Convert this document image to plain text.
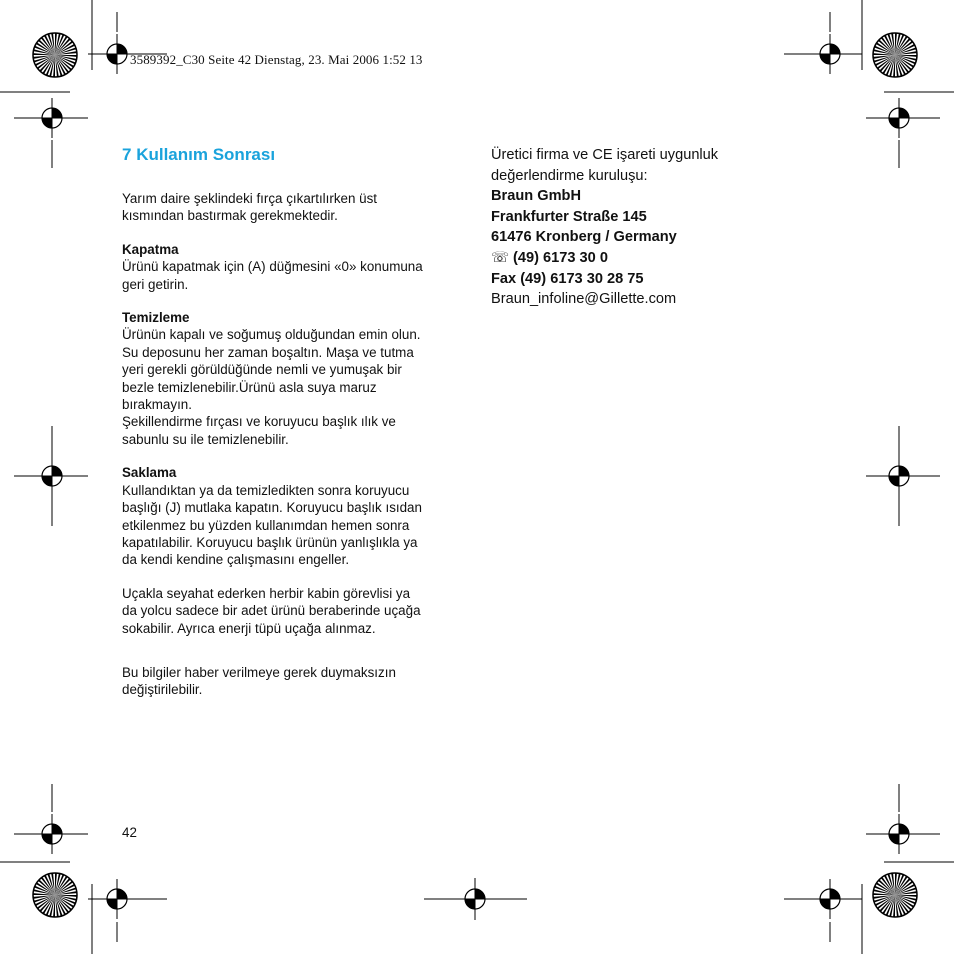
3589392_C30 Seite 42 Dienstag, 23. Mai 2006 1:52 13
7 Kullanım Sonrası

Yarım daire şeklindeki fırça çıkartılırken üst

kısmından bastırmak gerekmektedir.

Kapatma

Ürünü kapatmak için (A) düğmesini «0» konumuna

geri getirin.

Temizleme

Ürünün kapalı ve soğumuş olduğundan emin olun.

Su deposunu her zaman boşaltın. Maşa ve tutma

yeri gerekli görüldüğünde nemli ve yumuşak bir

bezle temizlenebilir.Ürünü asla suya maruz

bırakmayın.

Şekillendirme fırçası ve koruyucu başlık ılık ve

sabunlu su ile temizlenebilir.

Saklama

Kullandıktan ya da temizledikten sonra koruyucu

başlığı (J) mutlaka kapatın. Koruyucu başlık ısıdan

etkilenmez bu yüzden kullanımdan hemen sonra

kapatılabilir. Koruyucu başlık ürünün yanlışlıkla ya

da kendi kendine çalışmasını engeller.

Uçakla seyahat ederken herbir kabin görevlisi ya

da yolcu sadece bir adet ürünü beraberinde uçağa

sokabilir. Ayrıca enerji tüpü uçağa alınmaz.

Bu bilgiler haber verilmeye gerek duymaksızın

değiştirilebilir.

42

Üretici firma ve CE işareti uygunluk

değerlendirme kuruluşu:

Braun GmbH

Frankfurter Straße 145

61476 Kronberg / Germany

☏ (49) 6173 30 0

Fax (49) 6173 30 28 75

Braun_infoline@Gillette.com
